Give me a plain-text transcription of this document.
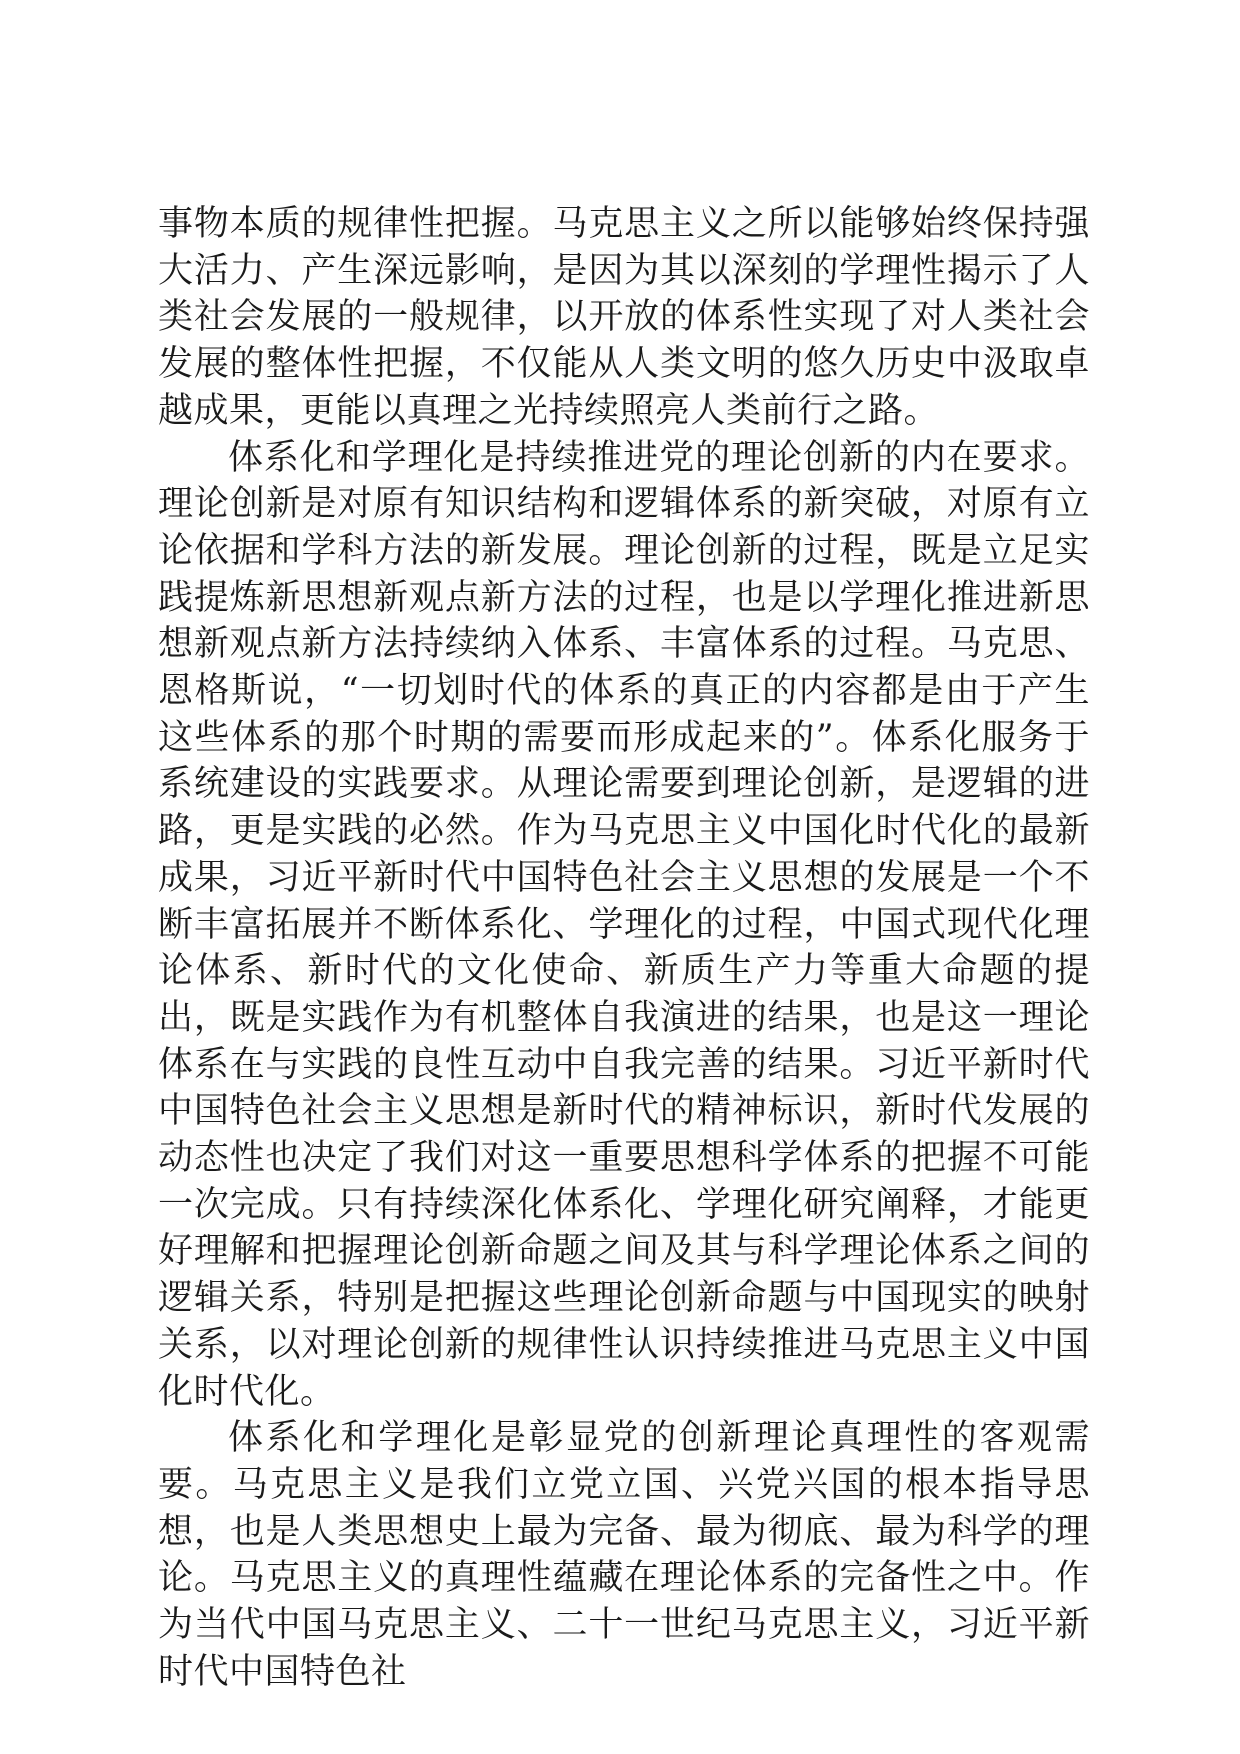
事物本质的规律性把握。马克思主义之所以能够始终保持强大活力、产生深远影响，是因为其以深刻的学理性揭示了人类社会发展的一般规律，以开放的体系性实现了对人类社会发展的整体性把握，不仅能从人类文明的悠久历史中汲取卓越成果，更能以真理之光持续照亮人类前行之路。

体系化和学理化是持续推进党的理论创新的内在要求。理论创新是对原有知识结构和逻辑体系的新突破，对原有立论依据和学科方法的新发展。理论创新的过程，既是立足实践提炼新思想新观点新方法的过程，也是以学理化推进新思想新观点新方法持续纳入体系、丰富体系的过程。马克思、恩格斯说，“一切划时代的体系的真正的内容都是由于产生这些体系的那个时期的需要而形成起来的”。体系化服务于系统建设的实践要求。从理论需要到理论创新，是逻辑的进路，更是实践的必然。作为马克思主义中国化时代化的最新成果，习近平新时代中国特色社会主义思想的发展是一个不断丰富拓展并不断体系化、学理化的过程，中国式现代化理论体系、新时代的文化使命、新质生产力等重大命题的提出，既是实践作为有机整体自我演进的结果，也是这一理论体系在与实践的良性互动中自我完善的结果。习近平新时代中国特色社会主义思想是新时代的精神标识，新时代发展的动态性也决定了我们对这一重要思想科学体系的把握不可能一次完成。只有持续深化体系化、学理化研究阐释，才能更好理解和把握理论创新命题之间及其与科学理论体系之间的逻辑关系，特别是把握这些理论创新命题与中国现实的映射关系，以对理论创新的规律性认识持续推进马克思主义中国化时代化。

体系化和学理化是彰显党的创新理论真理性的客观需要。马克思主义是我们立党立国、兴党兴国的根本指导思想，也是人类思想史上最为完备、最为彻底、最为科学的理论。马克思主义的真理性蕴藏在理论体系的完备性之中。作为当代中国马克思主义、二十一世纪马克思主义，习近平新时代中国特色社
